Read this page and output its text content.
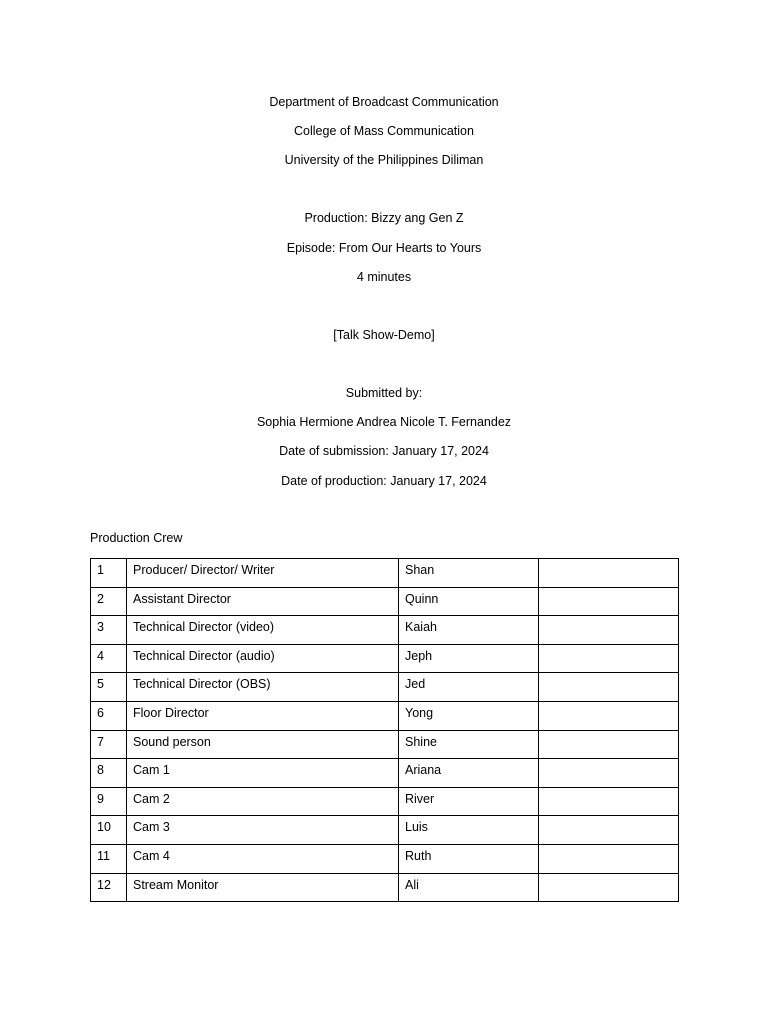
Department of Broadcast Communication
College of Mass Communication
University of the Philippines Diliman
Production: Bizzy ang Gen Z
Episode: From Our Hearts to Yours
4 minutes
[Talk Show-Demo]
Submitted by:
Sophia Hermione Andrea Nicole T. Fernandez
Date of submission: January 17, 2024
Date of production: January 17, 2024
Production Crew
1	Producer/ Director/ Writer	Shan	
2	Assistant Director	Quinn	
3	Technical Director (video)	Kaiah	
4	Technical Director (audio)	Jeph	
5	Technical Director (OBS)	Jed	
6	Floor Director	Yong	
7	Sound person	Shine	
8	Cam 1	Ariana	
9	Cam 2	River	
10	Cam 3	Luis	
11	Cam 4	Ruth	
12	Stream Monitor	Ali	
